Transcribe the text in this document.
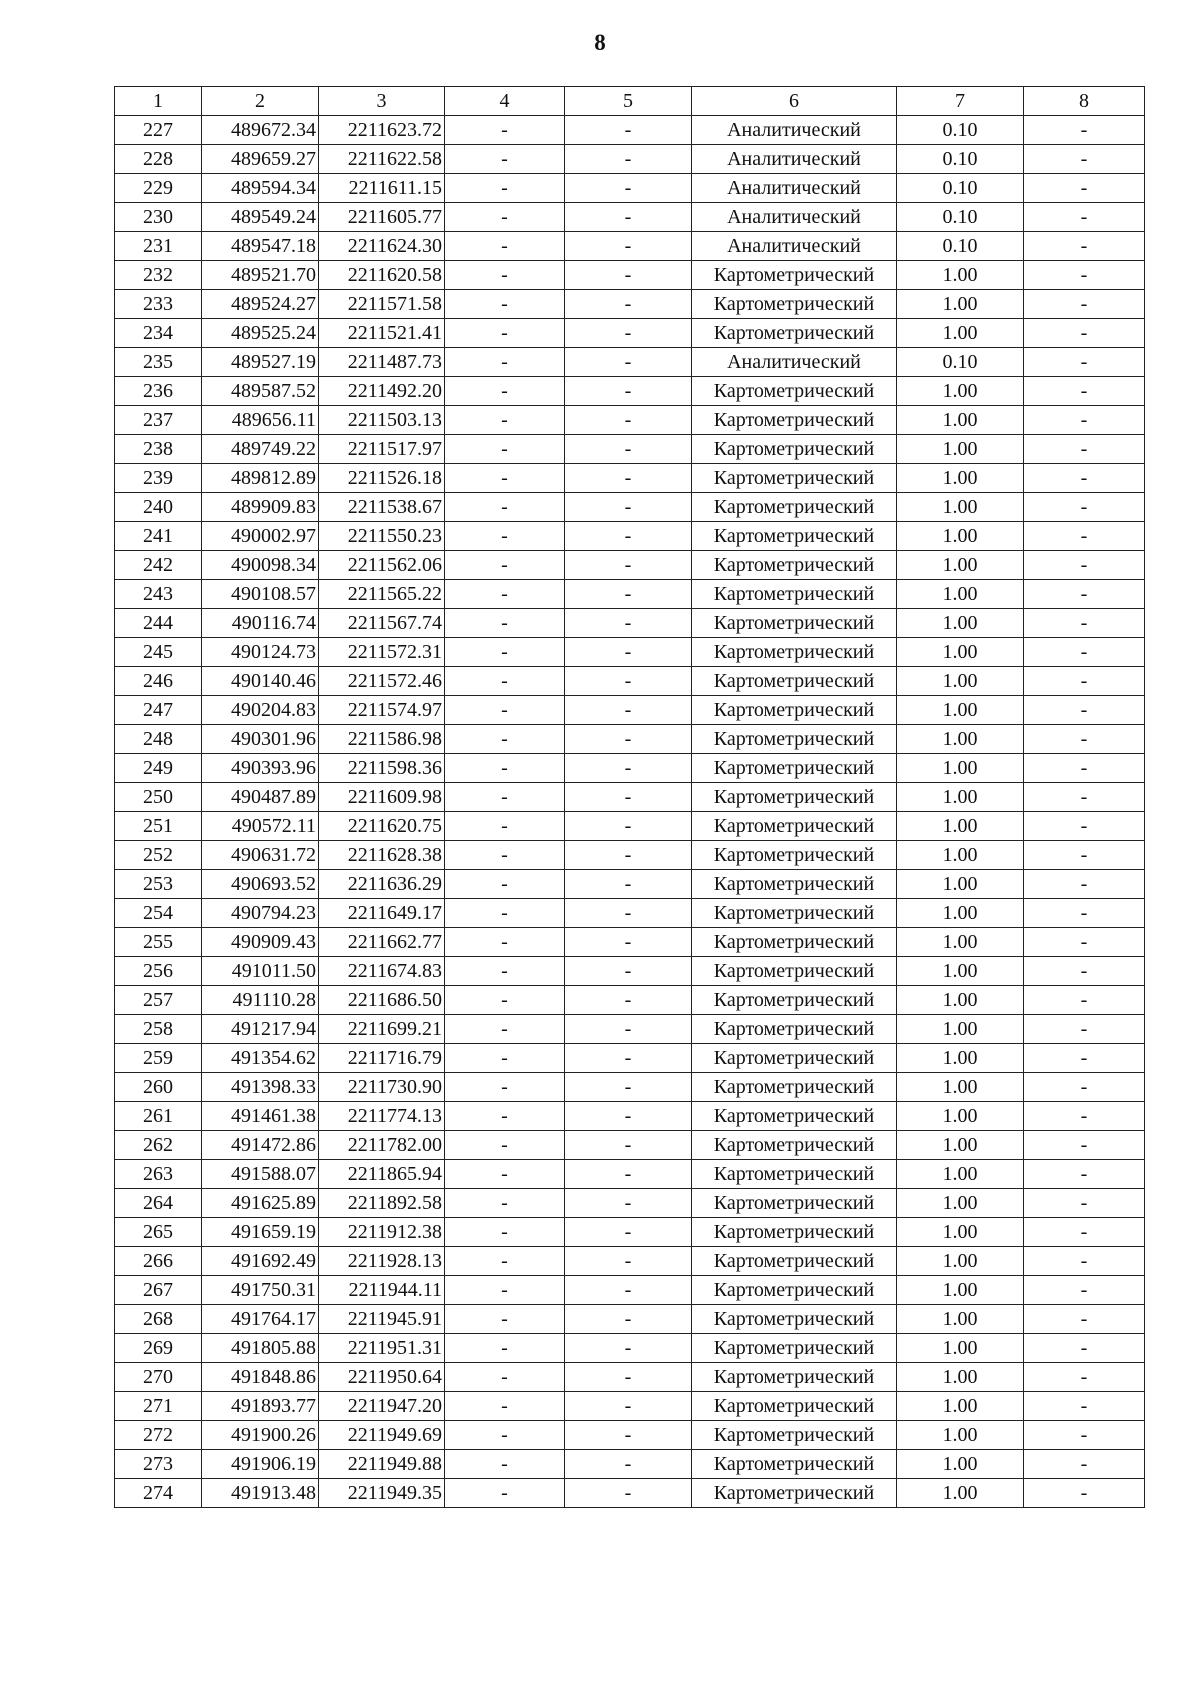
8
1	2	3	4	5	6	7	8
227	489672.34	2211623.72	-	-	Аналитический	0.10	-
228	489659.27	2211622.58	-	-	Аналитический	0.10	-
229	489594.34	2211611.15	-	-	Аналитический	0.10	-
230	489549.24	2211605.77	-	-	Аналитический	0.10	-
231	489547.18	2211624.30	-	-	Аналитический	0.10	-
232	489521.70	2211620.58	-	-	Картометрический	1.00	-
233	489524.27	2211571.58	-	-	Картометрический	1.00	-
234	489525.24	2211521.41	-	-	Картометрический	1.00	-
235	489527.19	2211487.73	-	-	Аналитический	0.10	-
236	489587.52	2211492.20	-	-	Картометрический	1.00	-
237	489656.11	2211503.13	-	-	Картометрический	1.00	-
238	489749.22	2211517.97	-	-	Картометрический	1.00	-
239	489812.89	2211526.18	-	-	Картометрический	1.00	-
240	489909.83	2211538.67	-	-	Картометрический	1.00	-
241	490002.97	2211550.23	-	-	Картометрический	1.00	-
242	490098.34	2211562.06	-	-	Картометрический	1.00	-
243	490108.57	2211565.22	-	-	Картометрический	1.00	-
244	490116.74	2211567.74	-	-	Картометрический	1.00	-
245	490124.73	2211572.31	-	-	Картометрический	1.00	-
246	490140.46	2211572.46	-	-	Картометрический	1.00	-
247	490204.83	2211574.97	-	-	Картометрический	1.00	-
248	490301.96	2211586.98	-	-	Картометрический	1.00	-
249	490393.96	2211598.36	-	-	Картометрический	1.00	-
250	490487.89	2211609.98	-	-	Картометрический	1.00	-
251	490572.11	2211620.75	-	-	Картометрический	1.00	-
252	490631.72	2211628.38	-	-	Картометрический	1.00	-
253	490693.52	2211636.29	-	-	Картометрический	1.00	-
254	490794.23	2211649.17	-	-	Картометрический	1.00	-
255	490909.43	2211662.77	-	-	Картометрический	1.00	-
256	491011.50	2211674.83	-	-	Картометрический	1.00	-
257	491110.28	2211686.50	-	-	Картометрический	1.00	-
258	491217.94	2211699.21	-	-	Картометрический	1.00	-
259	491354.62	2211716.79	-	-	Картометрический	1.00	-
260	491398.33	2211730.90	-	-	Картометрический	1.00	-
261	491461.38	2211774.13	-	-	Картометрический	1.00	-
262	491472.86	2211782.00	-	-	Картометрический	1.00	-
263	491588.07	2211865.94	-	-	Картометрический	1.00	-
264	491625.89	2211892.58	-	-	Картометрический	1.00	-
265	491659.19	2211912.38	-	-	Картометрический	1.00	-
266	491692.49	2211928.13	-	-	Картометрический	1.00	-
267	491750.31	2211944.11	-	-	Картометрический	1.00	-
268	491764.17	2211945.91	-	-	Картометрический	1.00	-
269	491805.88	2211951.31	-	-	Картометрический	1.00	-
270	491848.86	2211950.64	-	-	Картометрический	1.00	-
271	491893.77	2211947.20	-	-	Картометрический	1.00	-
272	491900.26	2211949.69	-	-	Картометрический	1.00	-
273	491906.19	2211949.88	-	-	Картометрический	1.00	-
274	491913.48	2211949.35	-	-	Картометрический	1.00	-
